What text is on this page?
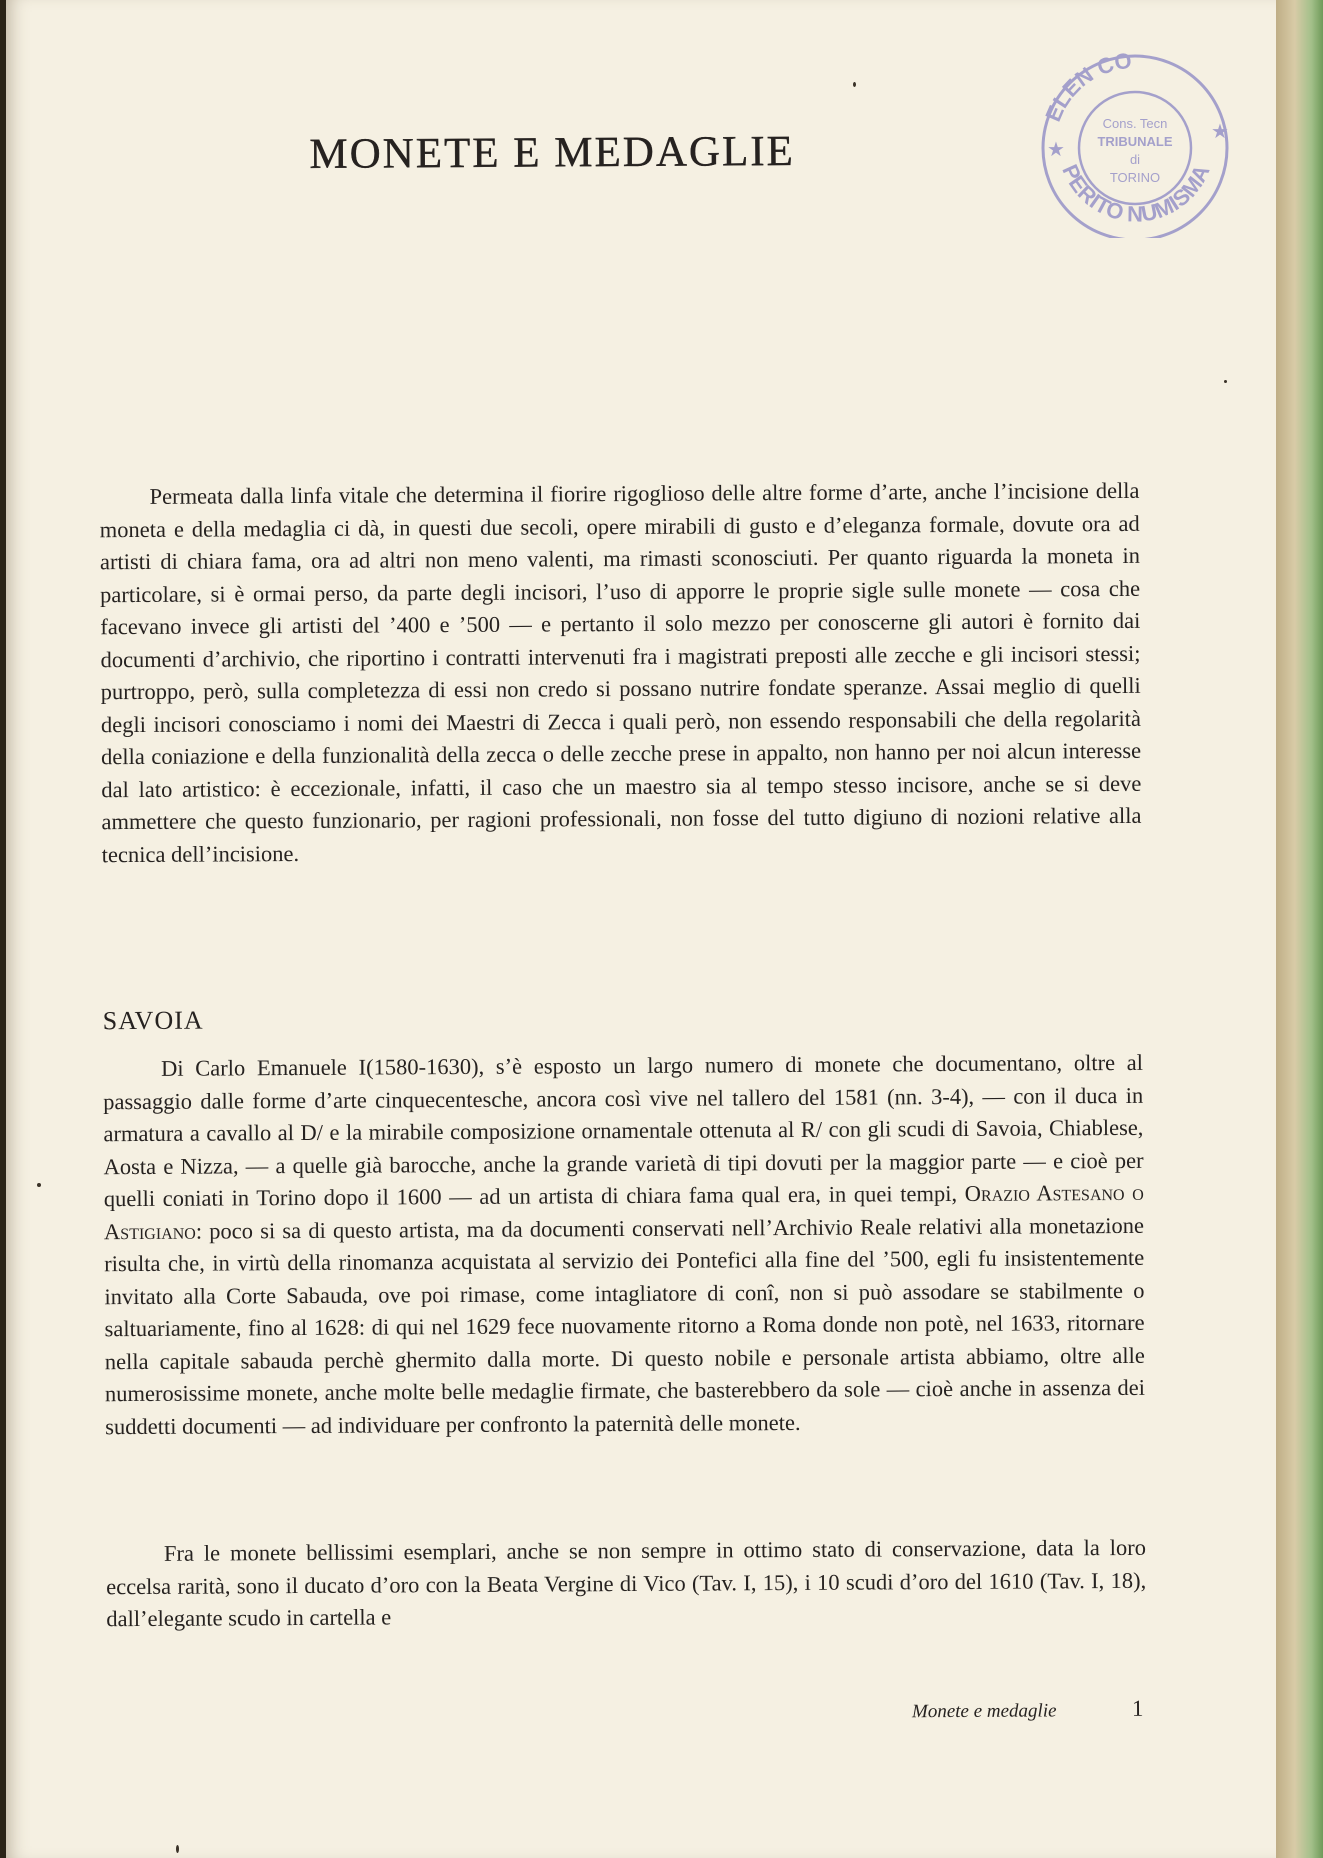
MONETE E MEDAGLIE

Permeata dalla linfa vitale che determina il fiorire rigoglioso delle altre forme d’arte, anche l’incisione della moneta e della medaglia ci dà, in questi due secoli, opere mirabili di gusto e d’eleganza formale, dovute ora ad artisti di chiara fama, ora ad altri non meno valenti, ma rimasti sconosciuti. Per quanto riguarda la moneta in particolare, si è ormai perso, da parte degli incisori, l’uso di apporre le proprie sigle sulle monete — cosa che facevano invece gli artisti del ’400 e ’500 — e pertanto il solo mezzo per conoscerne gli autori è fornito dai documenti d’archivio, che riportino i contratti intervenuti fra i magistrati preposti alle zecche e gli incisori stessi; purtroppo, però, sulla completezza di essi non credo si possano nutrire fondate speranze. Assai meglio di quelli degli incisori conosciamo i nomi dei Maestri di Zecca i quali però, non essendo responsabili che della regolarità della coniazione e della funzionalità della zecca o delle zecche prese in appalto, non hanno per noi alcun interesse dal lato artistico: è eccezionale, infatti, il caso che un maestro sia al tempo stesso incisore, anche se si deve ammettere che questo funzionario, per ragioni professionali, non fosse del tutto digiuno di nozioni relative alla tecnica dell’incisione.

SAVOIA

Di Carlo Emanuele I(1580-1630), s’è esposto un largo numero di monete che documentano, oltre al passaggio dalle forme d’arte cinquecentesche, ancora così vive nel tallero del 1581 (nn. 3-4), — con il duca in armatura a cavallo al D/ e la mirabile composizione ornamentale ottenuta al R/ con gli scudi di Savoia, Chiablese, Aosta e Nizza, — a quelle già barocche, anche la grande varietà di tipi dovuti per la maggior parte — e cioè per quelli coniati in Torino dopo il 1600 — ad un artista di chiara fama qual era, in quei tempi, Orazio Astesano o Astigiano: poco si sa di questo artista, ma da documenti conservati nell’Archivio Reale relativi alla monetazione risulta che, in virtù della rinomanza acquistata al servizio dei Pontefici alla fine del ’500, egli fu insistentemente invitato alla Corte Sabauda, ove poi rimase, come intagliatore di conî, non si può assodare se stabilmente o saltuariamente, fino al 1628: di qui nel 1629 fece nuovamente ritorno a Roma donde non potè, nel 1633, ritornare nella capitale sabauda perchè ghermito dalla morte. Di questo nobile e personale artista abbiamo, oltre alle numerosissime monete, anche molte belle medaglie firmate, che basterebbero da sole — cioè anche in assenza dei suddetti documenti — ad individuare per confronto la paternità delle monete.

Fra le monete bellissimi esemplari, anche se non sempre in ottimo stato di conservazione, data la loro eccelsa rarità, sono il ducato d’oro con la Beata Vergine di Vico (Tav. I, 15), i 10 scudi d’oro del 1610 (Tav. I, 18), dall’elegante scudo in cartella e

Monete e medaglie	1
ELEN CO
PERITO NUMISMA
★
★
Cons. Tecn
TRIBUNALE
di
TORINO
